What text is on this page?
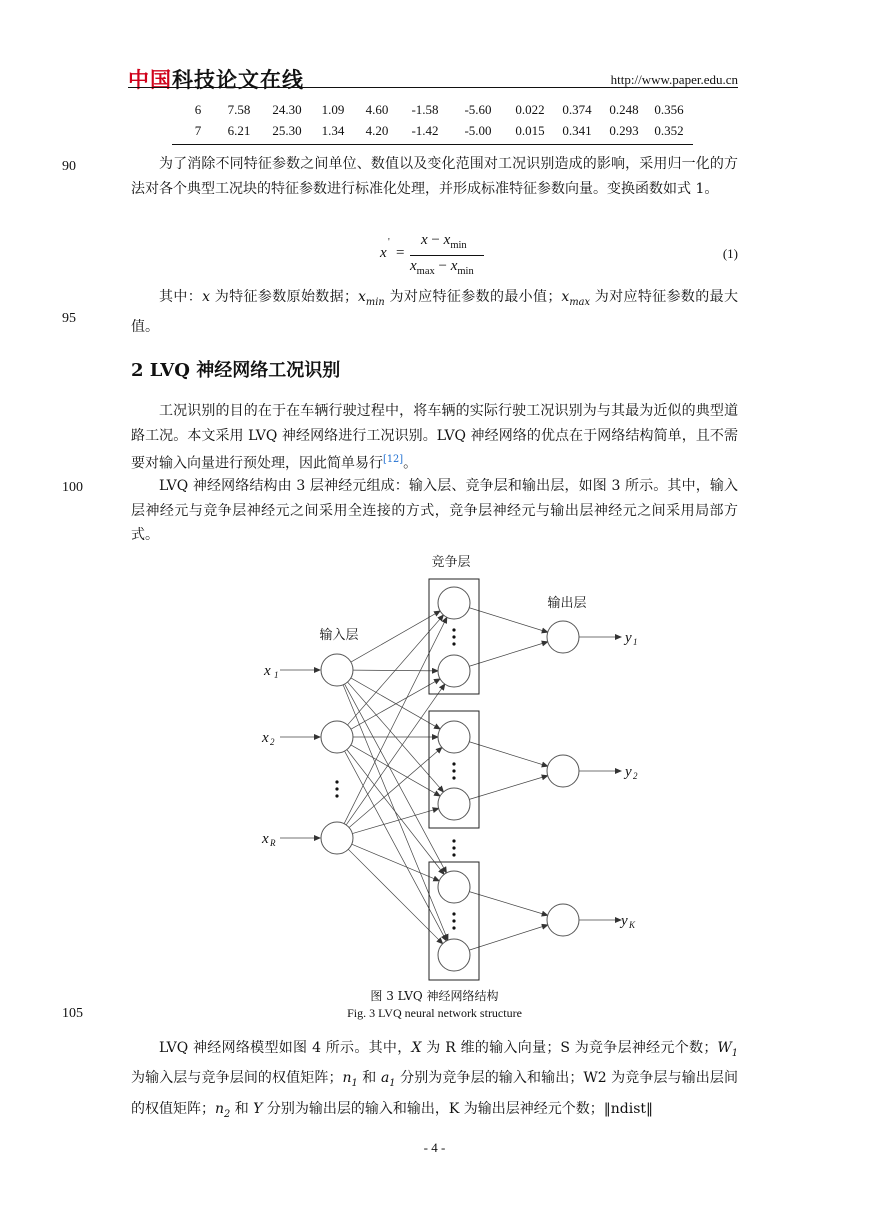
中国科技论文在线	http://www.paper.edu.cn
6	7.58	24.30	1.09	4.60	-1.58	-5.60	0.022	0.374	0.248	0.356
7	6.21	25.30	1.34	4.20	-1.42	-5.00	0.015	0.341	0.293	0.352
90
95
100
105

为了消除不同特征参数之间单位、数值以及变化范围对工况识别造成的影响，采用归一化的方法对各个典型工况块的特征参数进行标准化处理，并形成标准特征参数向量。变换函数如式 1。

x
'
=
$x - x_{min}$
$x_{max} - x_{min}$
(1)

其中：x 为特征参数原始数据；$x_{min}$ 为对应特征参数的最小值；$x_{max}$ 为对应特征参数的最大值。

2 LVQ 神经网络工况识别

工况识别的目的在于在车辆行驶过程中，将车辆的实际行驶工况识别为与其最为近似的典型道路工况。本文采用 LVQ 神经网络进行工况识别。LVQ 神经网络的优点在于网络结构简单，且不需要对输入向量进行预处理，因此简单易行[12]。

LVQ 神经网络结构由 3 层神经元组成：输入层、竞争层和输出层，如图 3 所示。其中，输入层神经元与竞争层神经元之间采用全连接的方式，竞争层神经元与输出层神经元之间采用局部方式。

竞争层
输出层
输入层
x 1
x 2
x R
y 1
y 2
y K
图 3 LVQ 神经网络结构
Fig. 3 LVQ neural network structure

LVQ 神经网络模型如图 4 所示。其中，X 为 R 维的输入向量；S 为竞争层神经元个数；$W_1$ 为输入层与竞争层间的权值矩阵；$n_1$ 和 $a_1$ 分别为竞争层的输入和输出；W2 为竞争层与输出层间的权值矩阵；$n_2$ 和 Y 分别为输出层的输入和输出，K 为输出层神经元个数；‖ndist‖

- 4 -
